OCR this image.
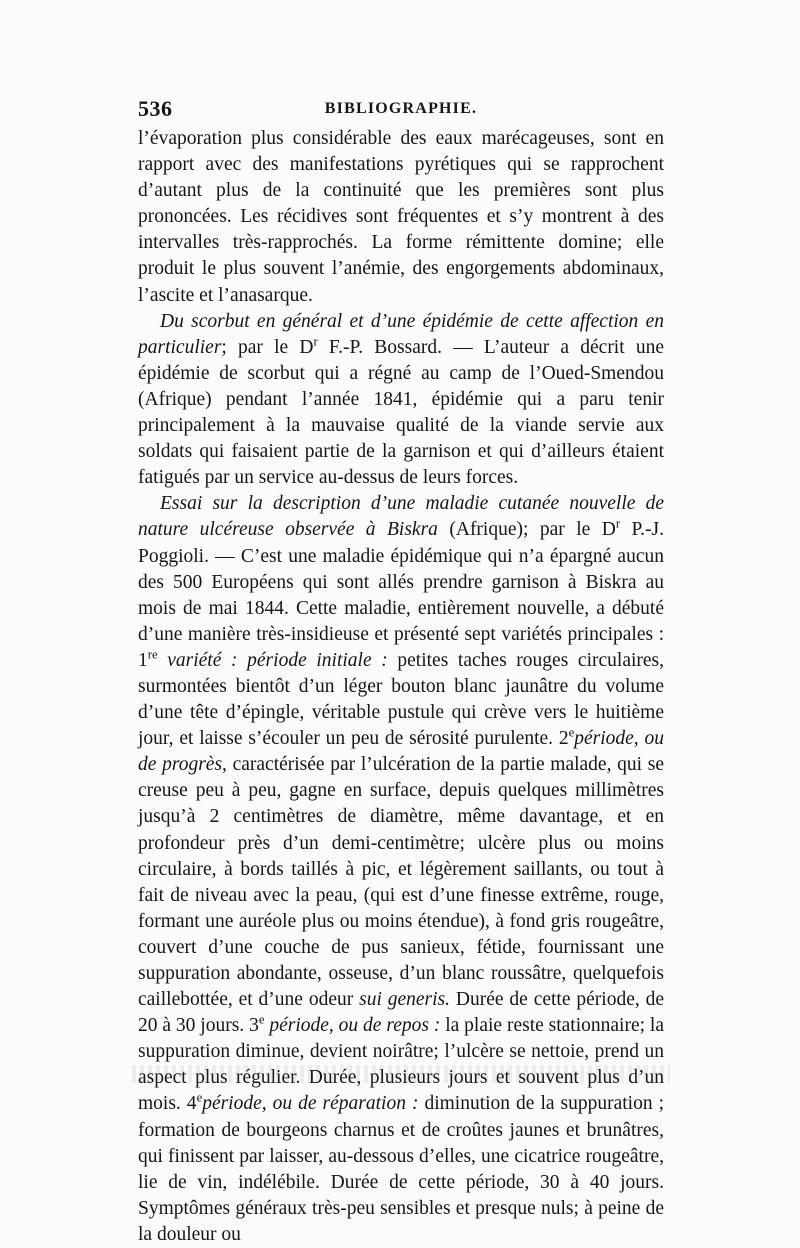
536	BIBLIOGRAPHIE.

l’évaporation plus considérable des eaux marécageuses, sont en rapport avec des manifestations pyrétiques qui se rapprochent d’autant plus de la continuité que les premières sont plus prononcées. Les récidives sont fréquentes et s’y montrent à des intervalles très-rapprochés. La forme rémittente domine; elle produit le plus souvent l’anémie, des engorgements abdominaux, l’ascite et l’anasarque.

Du scorbut en général et d’une épidémie de cette affection en particulier; par le $D^r$ F.-P. Bossard. — L’auteur a décrit une épidémie de scorbut qui a régné au camp de l’Oued-Smendou (Afrique) pendant l’année 1841, épidémie qui a paru tenir principalement à la mauvaise qualité de la viande servie aux soldats qui faisaient partie de la garnison et qui d’ailleurs étaient fatigués par un service au-dessus de leurs forces.

Essai sur la description d’une maladie cutanée nouvelle de nature ulcéreuse observée à Biskra (Afrique); par le $D^r$ P.-J. Poggioli. — C’est une maladie épidémique qui n’a épargné aucun des 500 Européens qui sont allés prendre garnison à Biskra au mois de mai 1844. Cette maladie, entièrement nouvelle, a débuté d’une manière très-insidieuse et présenté sept variétés principales : 1re variété : période initiale : petites taches rouges circulaires, surmontées bientôt d’un léger bouton blanc jaunâtre du volume d’une tête d’épingle, véritable pustule qui crève vers le huitième jour, et laisse s’écouler un peu de sérosité purulente. 2epériode, ou de progrès, caractérisée par l’ulcération de la partie malade, qui se creuse peu à peu, gagne en surface, depuis quelques millimètres jusqu’à 2 centimètres de diamètre, même davantage, et en profondeur près d’un demi-centimètre; ulcère plus ou moins circulaire, à bords taillés à pic, et légèrement saillants, ou tout à fait de niveau avec la peau, (qui est d’une finesse extrême, rouge, formant une auréole plus ou moins étendue), à fond gris rougeâtre, couvert d’une couche de pus sanieux, fétide, fournissant une suppuration abondante, osseuse, d’un blanc roussâtre, quelquefois caillebottée, et d’une odeur sui generis. Durée de cette période, de 20 à 30 jours. 3e période, ou de repos : la plaie reste stationnaire; la suppuration diminue, devient noirâtre; l’ulcère se nettoie, prend un aspect plus régulier. Durée, plusieurs jours et souvent plus d’un mois. 4epériode, ou de réparation : diminution de la suppuration ; formation de bourgeons charnus et de croûtes jaunes et brunâtres, qui finissent par laisser, au-dessous d’elles, une cicatrice rougeâtre, lie de vin, indélébile. Durée de cette période, 30 à 40 jours. Symptômes généraux très-peu sensibles et presque nuls; à peine de la douleur ou
